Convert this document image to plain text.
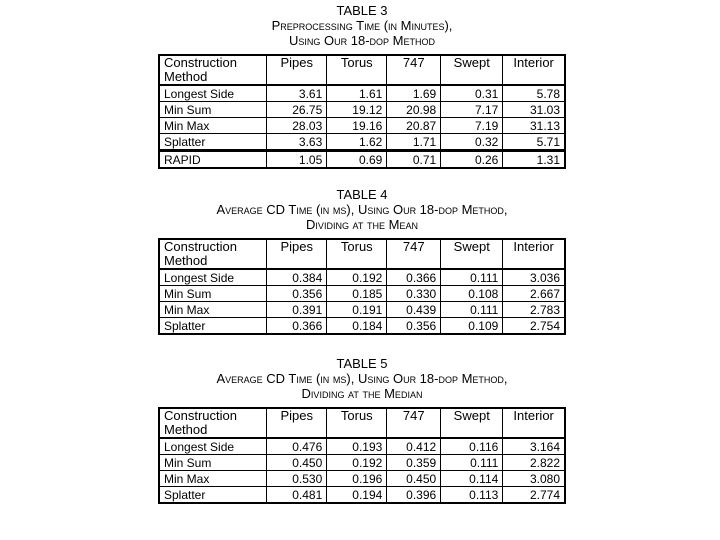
TABLE 3
Preprocessing Time (in Minutes),
Using Our 18-dop Method
Construction
Method	Pipes	Torus	747	Swept	Interior
Longest Side	3.61	1.61	1.69	0.31	5.78
Min Sum	26.75	19.12	20.98	7.17	31.03
Min Max	28.03	19.16	20.87	7.19	31.13
Splatter	3.63	1.62	1.71	0.32	5.71
RAPID	1.05	0.69	0.71	0.26	1.31
TABLE 4
Average CD Time (in ms), Using Our 18-dop Method,
Dividing at the Mean
Construction
Method	Pipes	Torus	747	Swept	Interior
Longest Side	0.384	0.192	0.366	0.111	3.036
Min Sum	0.356	0.185	0.330	0.108	2.667
Min Max	0.391	0.191	0.439	0.111	2.783
Splatter	0.366	0.184	0.356	0.109	2.754
TABLE 5
Average CD Time (in ms), Using Our 18-dop Method,
Dividing at the Median
Construction
Method	Pipes	Torus	747	Swept	Interior
Longest Side	0.476	0.193	0.412	0.116	3.164
Min Sum	0.450	0.192	0.359	0.111	2.822
Min Max	0.530	0.196	0.450	0.114	3.080
Splatter	0.481	0.194	0.396	0.113	2.774
